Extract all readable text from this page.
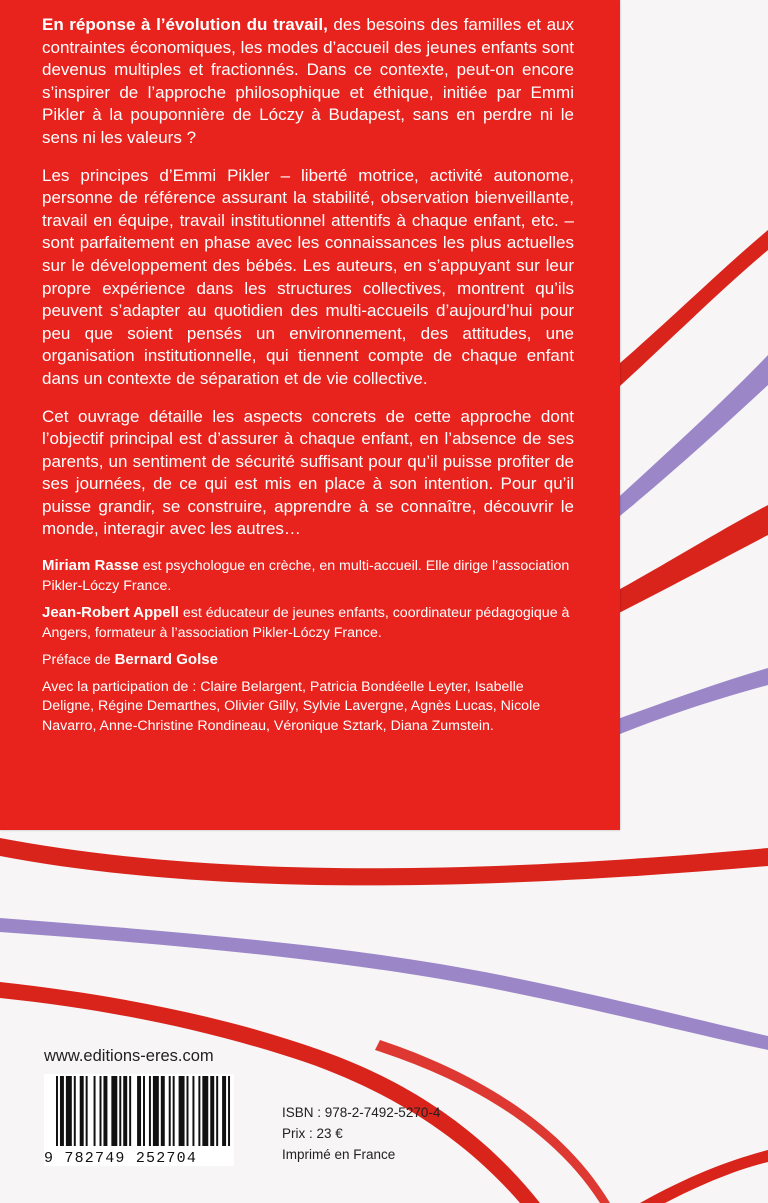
En réponse à l’évolution du travail, des besoins des familles et aux contraintes économiques, les modes d’accueil des jeunes enfants sont devenus multiples et fractionnés. Dans ce contexte, peut-on encore s’inspirer de l’approche philosophique et éthique, initiée par Emmi Pikler à la pouponnière de Lóczy à Budapest, sans en perdre ni le sens ni les valeurs ?

Les principes d’Emmi Pikler – liberté motrice, activité autonome, personne de référence assurant la stabilité, observation bienveillante, travail en équipe, travail institutionnel attentifs à chaque enfant, etc. – sont parfaitement en phase avec les connaissances les plus actuelles sur le développement des bébés. Les auteurs, en s’appuyant sur leur propre expérience dans les structures collectives, montrent qu’ils peuvent s’adapter au quotidien des multi-accueils d’aujourd’hui pour peu que soient pensés un environnement, des attitudes, une organisation institutionnelle, qui tiennent compte de chaque enfant dans un contexte de séparation et de vie collective.

Cet ouvrage détaille les aspects concrets de cette approche dont l’objectif principal est d’assurer à chaque enfant, en l’absence de ses parents, un sentiment de sécurité suffisant pour qu’il puisse profiter de ses journées, de ce qui est mis en place à son intention. Pour qu’il puisse grandir, se construire, apprendre à se connaître, découvrir le monde, interagir avec les autres…

Miriam Rasse est psychologue en crèche, en multi-accueil. Elle dirige l’association Pikler-Lóczy France.

Jean-Robert Appell est éducateur de jeunes enfants, coordinateur pédagogique à Angers, formateur à l’association Pikler-Lóczy France.

Préface de Bernard Golse

Avec la participation de : Claire Belargent, Patricia Bondéelle Leyter, Isabelle Deligne, Régine Demarthes, Olivier Gilly, Sylvie Lavergne, Agnès Lucas, Nicole Navarro, Anne-Christine Rondineau, Véronique Sztark, Diana Zumstein.

www.editions-eres.com
9 782749 252704
ISBN : 978-2-7492-5270-4
Prix : 23 €
Imprimé en France
